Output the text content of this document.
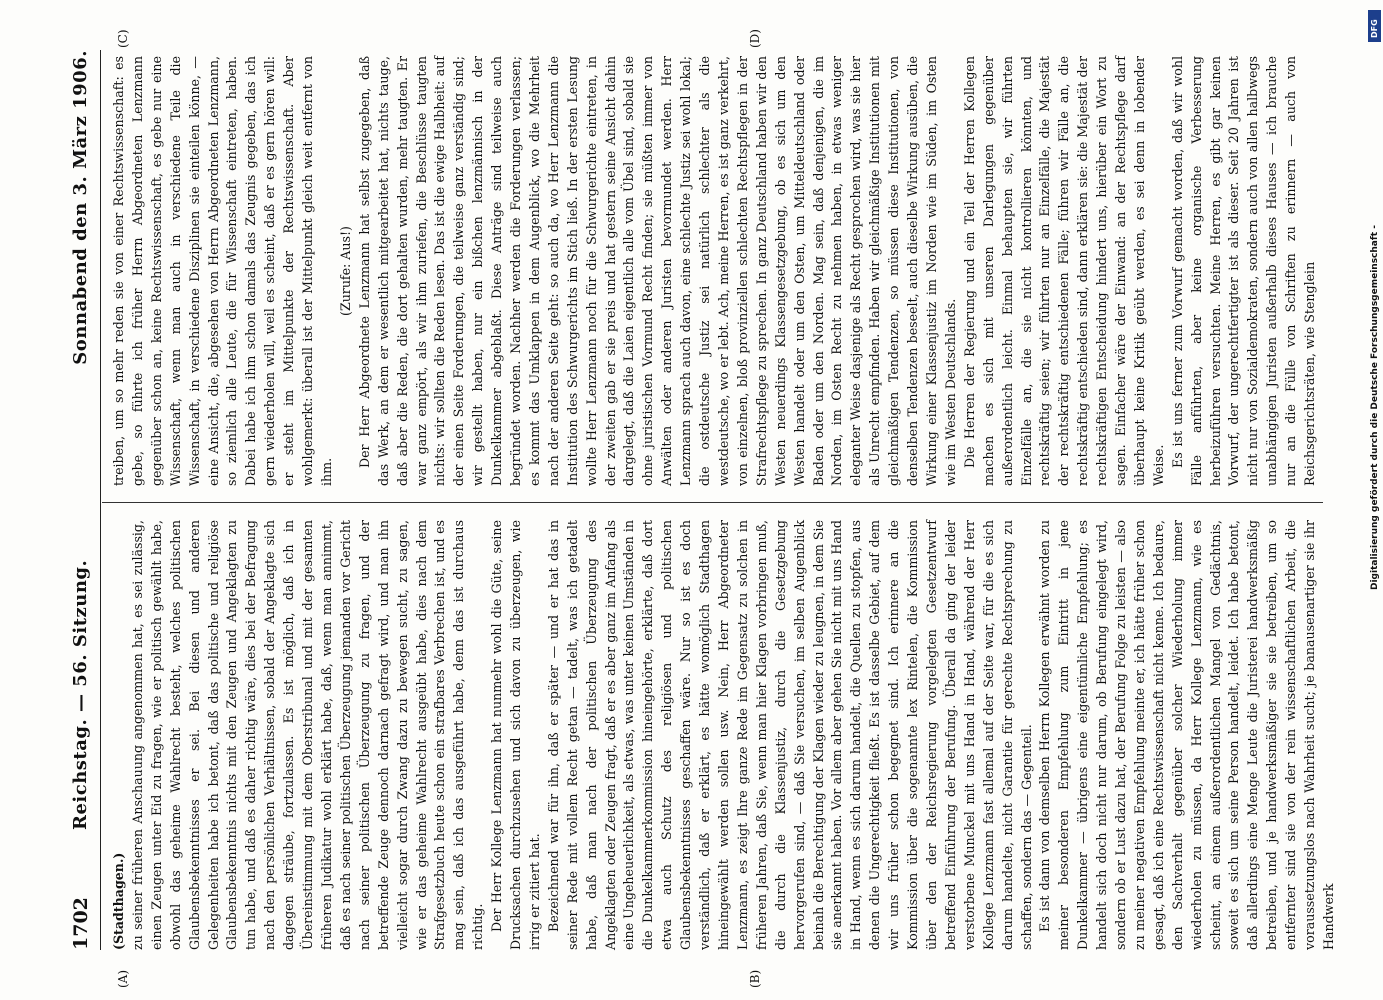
1702
Reichstag. — 56. Sitzung.
Sonnabend den 3. März 1906.
(A)	(B)
(C)	(D)

(Stadthagen.) zu seiner früheren Anschauung angenommen hat, es sei zulässig, einen Zeugen unter Eid zu fragen, wie er politisch gewählt habe, obwohl das geheime Wahlrecht besteht, welches politischen Glaubensbekenntnisses er sei. Bei diesen und anderen Gelegenheiten habe ich betont, daß das politische und religiöse Glaubensbekenntnis nichts mit den Zeugen und Angeklagten zu tun habe, und daß es daher richtig wäre, dies bei der Befragung nach den persönlichen Verhältnissen, sobald der Angeklagte sich dagegen sträube, fortzulassen. Es ist möglich, daß ich in Übereinstimmung mit dem Oberstribunal und mit der gesamten früheren Judikatur wohl erklärt habe, daß, wenn man annimmt, daß es nach seiner politischen Überzeugung jemanden vor Gericht nach seiner politischen Überzeugung zu fragen, und der betreffende Zeuge dennoch darnach gefragt wird, und man ihn vielleicht sogar durch Zwang dazu zu bewegen sucht, zu sagen, wie er das geheime Wahlrecht ausgeübt habe, dies nach dem Strafgesetzbuch heute schon ein strafbares Verbrechen ist, und es mag sein, daß ich das ausgeführt habe, denn das ist durchaus richtig. Der Herr Kollege Lenzmann hat nunmehr wohl die Güte, seine Drucksachen durchzusehen und sich davon zu überzeugen, wie irrig er zitiert hat. Bezeichnend war für ihn, daß er später — und er hat das in seiner Rede mit vollem Recht getan — tadelt, was ich getadelt habe, daß man nach der politischen Überzeugung des Angeklagten oder Zeugen fragt, daß er es aber ganz im Anfang als eine Ungeheuerlichkeit, als etwas, was unter keinen Umständen in die Dunkelkammerkommission hineingehörte, erklärte, daß dort etwa auch Schutz des religiösen und politischen Glaubensbekenntnisses geschaffen wäre. Nur so ist es doch verständlich, daß er erklärt, es hätte womöglich Stadthagen hineingewählt werden sollen usw. Nein, Herr Abgeordneter Lenzmann, es zeigt Ihre ganze Rede im Gegensatz zu solchen in früheren Jahren, daß Sie, wenn man hier Klagen vorbringen muß, die durch die Klassenjustiz, durch die Gesetzgebung hervorgerufen sind, — daß Sie versuchen, im selben Augenblick beinah die Berechtigung der Klagen wieder zu leugnen, in dem Sie sie anerkannt haben. Vor allem aber gehen Sie nicht mit uns Hand in Hand, wenn es sich darum handelt, die Quellen zu stopfen, aus denen die Ungerechtigkeit fließt. Es ist dasselbe Gebiet, auf dem wir uns früher schon begegnet sind. Ich erinnere an die Kommission über die sogenannte lex Rintelen, die Kommission über den der Reichsregierung vorgelegten Gesetzentwurf betreffend Einführung der Berufung. Überall da ging der leider verstorbene Munckel mit uns Hand in Hand, während der Herr Kollege Lenzmann fast allemal auf der Seite war, für die es sich darum handelte, nicht Garantie für gerechte Rechtsprechung zu schaffen, sondern das — Gegenteil. Es ist dann von demselben Herrn Kollegen erwähnt worden zu meiner besonderen Empfehlung zum Eintritt in jene Dunkelkammer — übrigens eine eigentümliche Empfehlung; es handelt sich doch nicht nur darum, ob Berufung eingelegt wird, sondern ob er Lust dazu hat, der Berufung Folge zu leisten — also zu meiner negativen Empfehlung meinte er, ich hätte früher schon gesagt, daß ich eine Rechtswissenschaft nicht kenne. Ich bedaure, den Sachverhalt gegenüber solcher Wiederholung immer wiederholen zu müssen, da Herr Kollege Lenzmann, wie es scheint, an einem außerordentlichen Mangel von Gedächtnis, soweit es sich um seine Person handelt, leidet. Ich habe betont, daß allerdings eine Menge Leute die Juristerei handwerksmäßig betreiben, und je handwerksmäßiger sie sie betreiben, um so entfernter sind sie von der rein wissenschaftlichen Arbeit, die voraussetzungslos nach Wahrheit sucht; je banausenartiger sie ihr Handwerk

treiben, um so mehr reden sie von einer Rechtswissenschaft: es gebe, so führte ich früher Herrn Abgeordneten Lenzmann gegenüber schon an, keine Rechtswissenschaft, es gebe nur eine Wissenschaft, wenn man auch in verschiedene Teile die Wissenschaft, in verschiedene Disziplinen sie einteilen könne, — eine Ansicht, die, abgesehen von Herrn Abgeordneten Lenzmann, so ziemlich alle Leute, die für Wissenschaft eintreten, haben. Dabei habe ich ihm schon damals das Zeugnis gegeben, das ich gern wiederholen will, weil es scheint, daß er es gern hören will: er steht im Mittelpunkte der Rechtswissenschaft. Aber wohlgemerkt: überall ist der Mittelpunkt gleich weit entfernt von ihm.

(Zurufe: Aus!) Der Herr Abgeordnete Lenzmann hat selbst zugegeben, daß das Werk, an dem er wesentlich mitgearbeitet hat, nichts tauge, daß aber die Reden, die dort gehalten wurden, mehr taugten. Er war ganz empört, als wir ihm zuriefen, die Beschlüsse taugten nichts: wir sollten die Reden lesen. Das ist die ewige Halbheit: auf der einen Seite Forderungen, die teilweise ganz verständig sind; wir gestellt haben, nur ein bißchen lenzmännisch in der Dunkelkammer abgeblaßt. Diese Anträge sind teilweise auch begründet worden. Nachher werden die Forderungen verlassen; es kommt das Umklappen in dem Augenblick, wo die Mehrheit nach der anderen Seite geht: so auch da, wo Herr Lenzmann die Institution des Schwurgerichts im Stich ließ. In der ersten Lesung wollte Herr Lenzmann noch für die Schwurgerichte eintreten, in der zweiten gab er sie preis und hat gestern seine Ansicht dahin dargelegt, daß die Laien eigentlich alle vom Übel sind, sobald sie ohne juristischen Vormund Recht finden; sie müßten immer von Anwälten oder anderen Juristen bevormundet werden. Herr Lenzmann sprach auch davon, eine schlechte Justiz sei wohl lokal; die ostdeutsche Justiz sei natürlich schlechter als die westdeutsche, wo er lebt. Ach, meine Herren, es ist ganz verkehrt, von einzelnen, bloß provinziellen schlechten Rechtspflegen in der Strafrechtspflege zu sprechen. In ganz Deutschland haben wir den Westen neuerdings Klassengesetzgebung, ob es sich um den Westen handelt oder um den Osten, um Mitteldeutschland oder Baden oder um den Norden. Mag sein, daß denjenigen, die im Norden, im Osten Recht zu nehmen haben, in etwas weniger eleganter Weise dasjenige als Recht gesprochen wird, was sie hier als Unrecht empfinden. Haben wir gleichmäßige Institutionen mit gleichmäßigen Tendenzen, so müssen diese Institutionen, von denselben Tendenzen beseelt, auch dieselbe Wirkung ausüben, die Wirkung einer Klassenjustiz im Norden wie im Süden, im Osten wie im Westen Deutschlands. Die Herren der Regierung und ein Teil der Herren Kollegen machen es sich mit unseren Darlegungen gegenüber außerordentlich leicht. Einmal behaupten sie, wir führten Einzelfälle an, die sie nicht kontrollieren könnten, und rechtskräftig seien; wir führten nur an Einzelfälle, die Majestät der rechtskräftig entschiedenen Fälle; führen wir Fälle an, die rechtskräftig entschieden sind, dann erklären sie: die Majestät der rechtskräftigen Entscheidung hindert uns, hierüber ein Wort zu sagen. Einfacher wäre der Einwand: an der Rechtspflege darf überhaupt keine Kritik geübt werden, es sei denn in lobender Weise. Es ist uns ferner zum Vorwurf gemacht worden, daß wir wohl Fälle anführten, aber keine organische Verbesserung herbeizuführen versuchten. Meine Herren, es gibt gar keinen Vorwurf, der ungerechtfertigter ist als dieser. Seit 20 Jahren ist nicht nur von Sozialdemokraten, sondern auch von allen halbwegs unabhängigen Juristen außerhalb dieses Hauses — ich brauche nur an die Fülle von Schriften zu erinnern — auch von Reichsgerichtsräten, wie Stenglein

DFG
Digitalisierung gefördert durch die Deutsche Forschungsgemeinschaft -
